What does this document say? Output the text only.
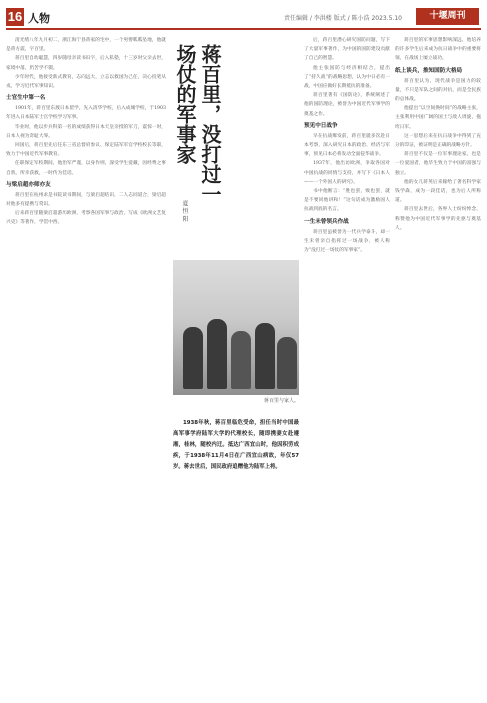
16 人物	责任编辑 / 李洪楼 版式 / 陈小浩 2023.5.10	十堰周刊

清光绪八年九月初二，浙江海宁县蒋家的宅中，一个男婴呱呱坠地，他就是蒋方震，字百里。

蒋百里自幼聪慧，四岁随母亲读书识字，后入私塾，十三岁时父亲去世，家境中落，仍苦学不辍。

少年时代，他接受新式教育，志向远大，立志以救国为己任，决心投笔从戎，学习近代军事知识。

士官生中第一名

1901年，蒋百里东渡日本留学，先入清华学校，后入成城学校，于1903年进入日本陆军士官学校学习军事。

毕业时，他以步兵科第一名的成绩获得日本天皇亲授的军刀，震惊一时，日本人视为奇耻大辱。

回国后，蒋百里先后任东三省总督府参议、保定陆军军官学校校长等职，致力于中国近代军事教育。

任职保定军校期间，他治军严谨，以身作则，深受学生爱戴，因经费之事自戕，所幸获救，一时传为佳话。

与梁启超亦师亦友

蒋百里在杭州求是书院读书期间，与梁启超结识，二人志同道合，梁启超对他多有提携与赏识。

后来蒋百里随梁启超游历欧洲，考察各国军事与政治，写成《欧洲文艺复兴史》等著作，学贯中西。

蒋百里，没打过一场仗的军事家
夏 恒 阳

后，蒋百里潜心研究国防问题，写下了大量军事著作，为中国的国防建设贡献了自己的智慧。

他主张国防与经济相结合，提出了“持久战”的战略思想，认为中日必有一战，中国应做好长期抵抗的准备。

蒋百里著有《国防论》，系统阐述了他的国防理论，被誉为中国近代军事学的奠基之作。

预见中日战争

早在抗战爆发前，蒋百里就多次赴日本考察，深入研究日本的政治、经济与军事，预见日本必将发动全面侵华战争。

1937年，他出访欧洲，争取各国对中国抗战的同情与支持，并写下《日本人——一个外国人的研究》。

书中他断言：“胜也罢，败也罢，就是不要同他讲和！”这句话成为激励国人抗战到底的名言。

一生未曾领兵作战

蒋百里虽被誉为一代兵学泰斗，却一生未曾亲自指挥过一场战争，被人称为“没打过一场仗的军事家”。

蒋百里与家人。

1938年秋，蒋百里临危受命，担任当时中国最高军事学府陆军大学的代理校长，随即携妻女赴遵湘，桂林，随校内迁。抵达广西宜山时，他因积劳成疾，于1938年11月4日在广西宜山病故，年仅57岁。蒋去世后，国民政府追赠他为陆军上将。

蒋百里的军事思想影响深远，他培养的许多学生后来成为抗日战争中的重要将领，在战场上屡立战功。

纸上谈兵，推知国防大格局

蒋百里认为，现代战争是国力的较量，不只是军队之间的对抗，而是全民族的总体战。

他提出“以空间换时间”的战略主张，主张利用中国广阔的国土与敌人周旋，拖垮日军。

这一思想后来在抗日战争中得到了充分的印证，被证明是正确的战略方针。

蒋百里不仅是一位军事理论家，也是一位爱国者，他毕生致力于中国的富强与独立。

他的女儿蒋英后来嫁给了著名科学家钱学森，成为一段佳话，也为后人所称道。

蒋百里去世后，各界人士纷纷悼念，称赞他为中国近代军事学的先驱与奠基人。
